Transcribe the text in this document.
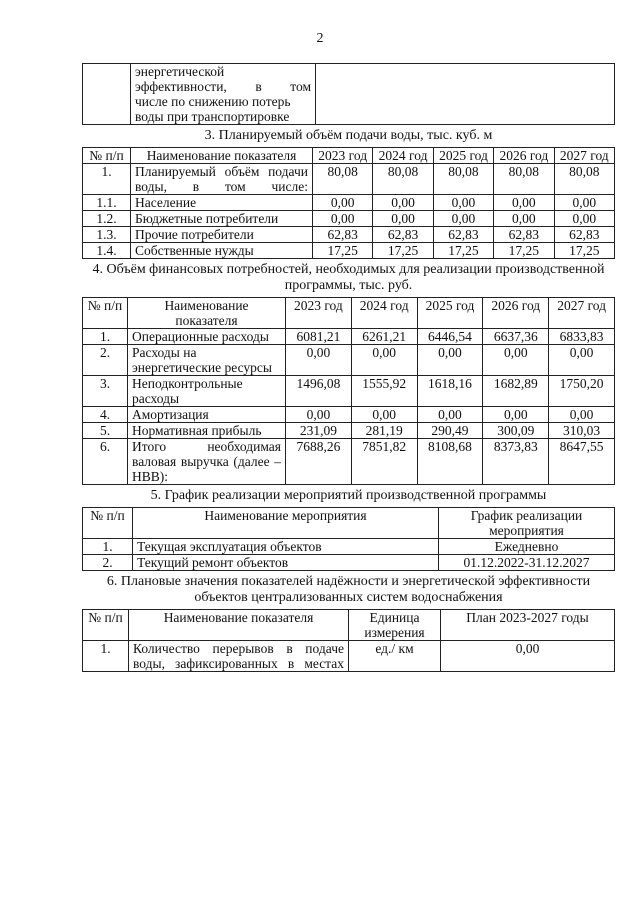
2

энергетической
эффективности, в том
числе по снижению потерь
воды при транспортировке

3. Планируемый объём подачи воды, тыс. куб. м
№ п/п	Наименование показателя	2023 год	2024 год	2025 год	2026 год	2027 год
1.	Планируемый объём подачи воды, в том числе:	80,08	80,08	80,08	80,08	80,08
1.1.	Население	0,00	0,00	0,00	0,00	0,00
1.2.	Бюджетные потребители	0,00	0,00	0,00	0,00	0,00
1.3.	Прочие потребители	62,83	62,83	62,83	62,83	62,83
1.4.	Собственные нужды	17,25	17,25	17,25	17,25	17,25
4. Объём финансовых потребностей, необходимых для реализации производственной программы, тыс. руб.
№ п/п	Наименование показателя	2023 год	2024 год	2025 год	2026 год	2027 год
1.	Операционные расходы	6081,21	6261,21	6446,54	6637,36	6833,83
2.	Расходы на энергетические ресурсы	0,00	0,00	0,00	0,00	0,00
3.	Неподконтрольные расходы	1496,08	1555,92	1618,16	1682,89	1750,20
4.	Амортизация	0,00	0,00	0,00	0,00	0,00
5.	Нормативная прибыль	231,09	281,19	290,49	300,09	310,03
6.	Итого необходимая валовая выручка (далее – НВВ):	7688,26	7851,82	8108,68	8373,83	8647,55
5. График реализации мероприятий производственной программы
№ п/п	Наименование мероприятия	График реализации мероприятия
1.	Текущая эксплуатация объектов	Ежедневно
2.	Текущий ремонт объектов	01.12.2022-31.12.2027
6. Плановые значения показателей надёжности и энергетической эффективности объектов централизованных систем водоснабжения
№ п/п	Наименование показателя	Единица измерения	План 2023-2027 годы
1.	Количество перерывов в подаче воды, зафиксированных в местах	ед./ км	0,00
